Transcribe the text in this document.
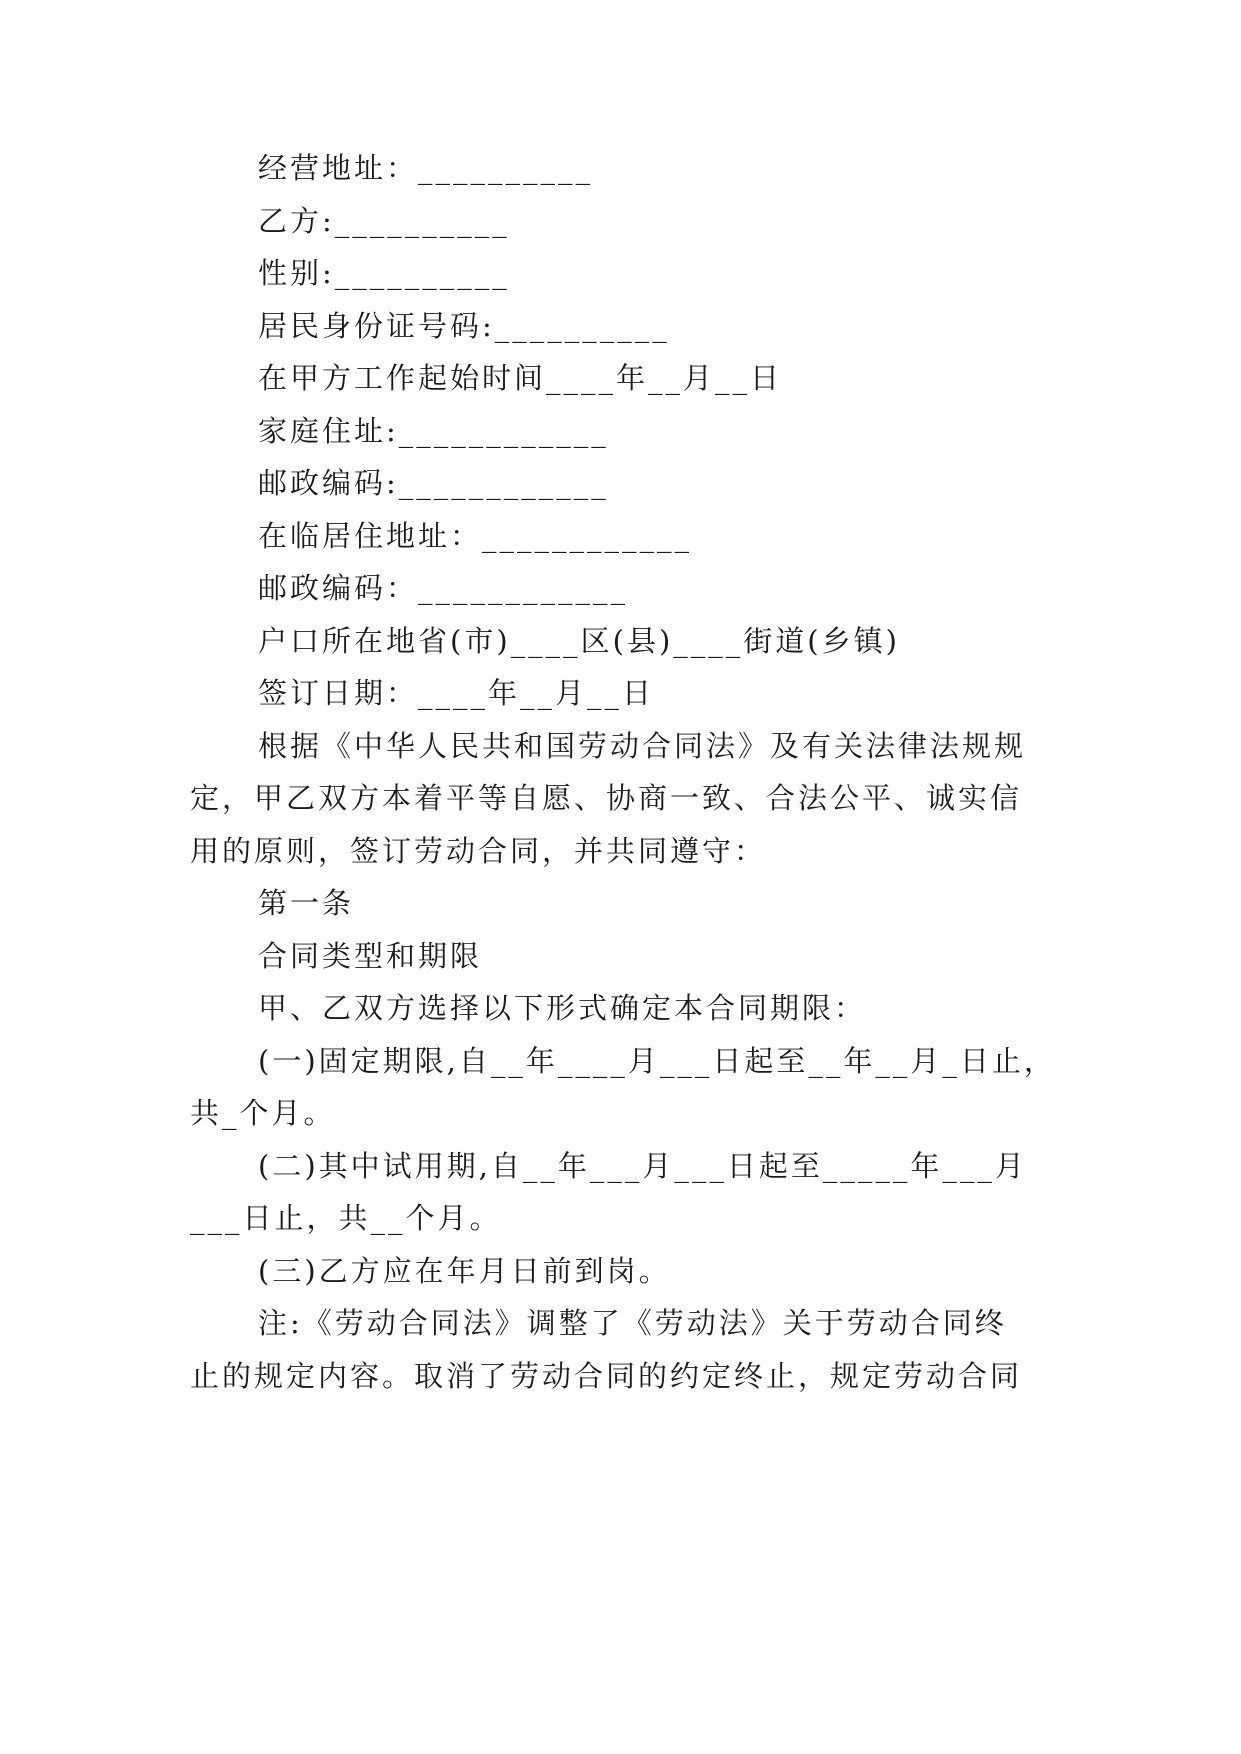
经营地址：__________
乙方:__________
性别:__________
居民身份证号码:__________
在甲方工作起始时间____年__月__日
家庭住址:____________
邮政编码:____________
在临居住地址：____________
邮政编码：____________
户口所在地省(市)____区(县)____街道(乡镇)
签订日期：____年__月__日
根据《中华人民共和国劳动合同法》及有关法律法规规
定，甲乙双方本着平等自愿、协商一致、合法公平、诚实信
用的原则，签订劳动合同，并共同遵守：
第一条
合同类型和期限
甲、乙双方选择以下形式确定本合同期限：
(一)固定期限,自__年____月___日起至__年__月_日止，
共_个月。
(二)其中试用期,自__年___月___日起至_____年___月
___日止，共__个月。
(三)乙方应在年月日前到岗。
注:《劳动合同法》调整了《劳动法》关于劳动合同终
止的规定内容。取消了劳动合同的约定终止，规定劳动合同
